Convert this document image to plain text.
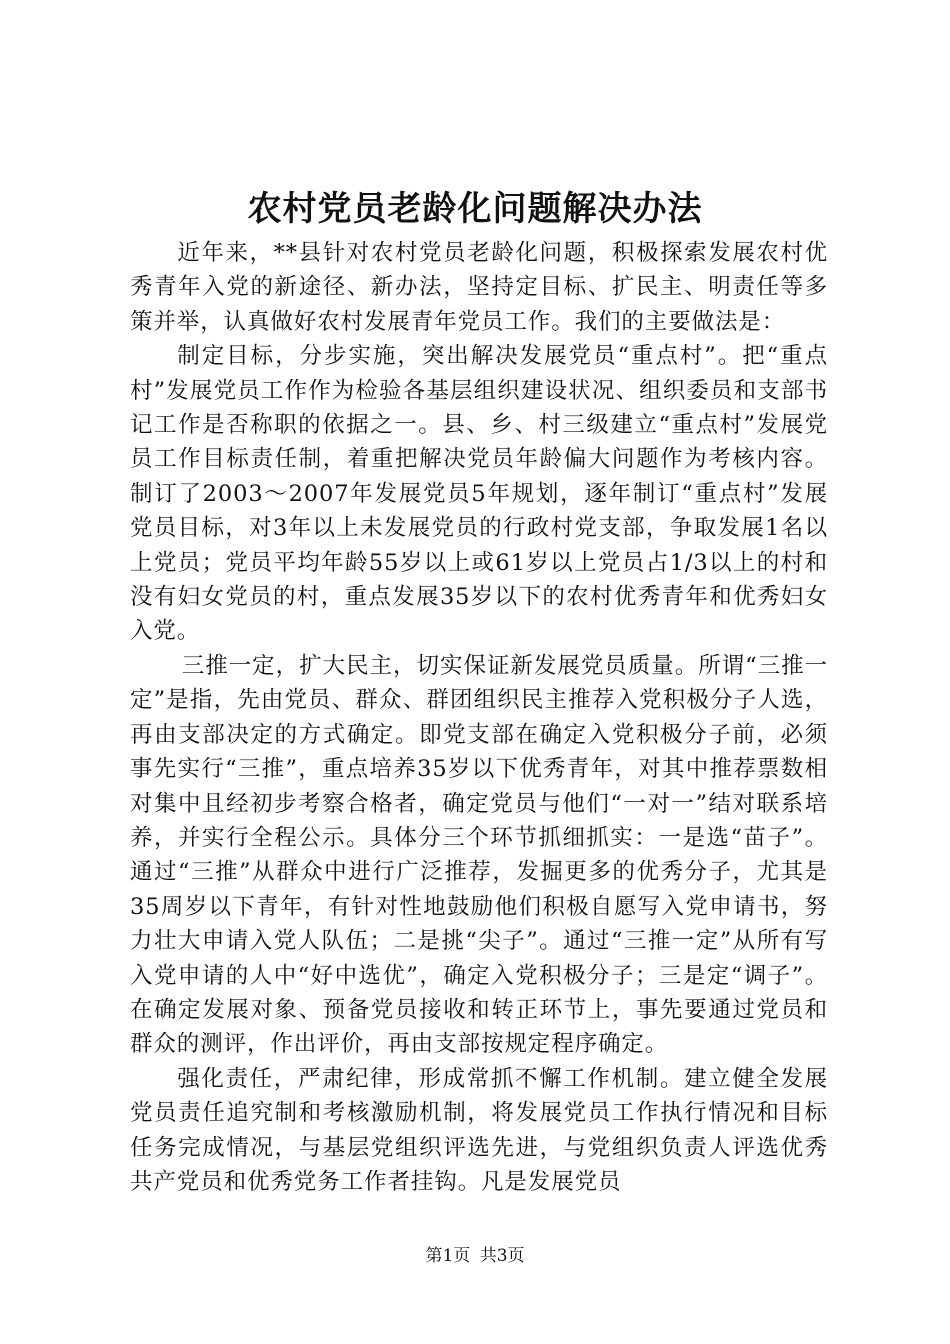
农村党员老龄化问题解决办法

近年来，**县针对农村党员老龄化问题，积极探索发展农村优秀青年入党的新途径、新办法，坚持定目标、扩民主、明责任等多策并举，认真做好农村发展青年党员工作。我们的主要做法是：

制定目标，分步实施，突出解决发展党员“重点村”。把“重点村”发展党员工作作为检验各基层组织建设状况、组织委员和支部书记工作是否称职的依据之一。县、乡、村三级建立“重点村”发展党员工作目标责任制，着重把解决党员年龄偏大问题作为考核内容。制订了2003～2007年发展党员5年规划，逐年制订“重点村”发展党员目标，对3年以上未发展党员的行政村党支部，争取发展1名以上党员；党员平均年龄55岁以上或61岁以上党员占1/3以上的村和没有妇女党员的村，重点发展35岁以下的农村优秀青年和优秀妇女入党。

三推一定，扩大民主，切实保证新发展党员质量。所谓“三推一定”是指，先由党员、群众、群团组织民主推荐入党积极分子人选，再由支部决定的方式确定。即党支部在确定入党积极分子前，必须事先实行“三推”，重点培养35岁以下优秀青年，对其中推荐票数相对集中且经初步考察合格者，确定党员与他们“一对一”结对联系培养，并实行全程公示。具体分三个环节抓细抓实：一是选“苗子”。通过“三推”从群众中进行广泛推荐，发掘更多的优秀分子，尤其是35周岁以下青年，有针对性地鼓励他们积极自愿写入党申请书，努力壮大申请入党人队伍；二是挑“尖子”。通过“三推一定”从所有写入党申请的人中“好中选优”，确定入党积极分子；三是定“调子”。在确定发展对象、预备党员接收和转正环节上，事先要通过党员和群众的测评，作出评价，再由支部按规定程序确定。

强化责任，严肃纪律，形成常抓不懈工作机制。建立健全发展党员责任追究制和考核激励机制，将发展党员工作执行情况和目标任务完成情况，与基层党组织评选先进，与党组织负责人评选优秀共产党员和优秀党务工作者挂钩。凡是发展党员

第1页 共3页
